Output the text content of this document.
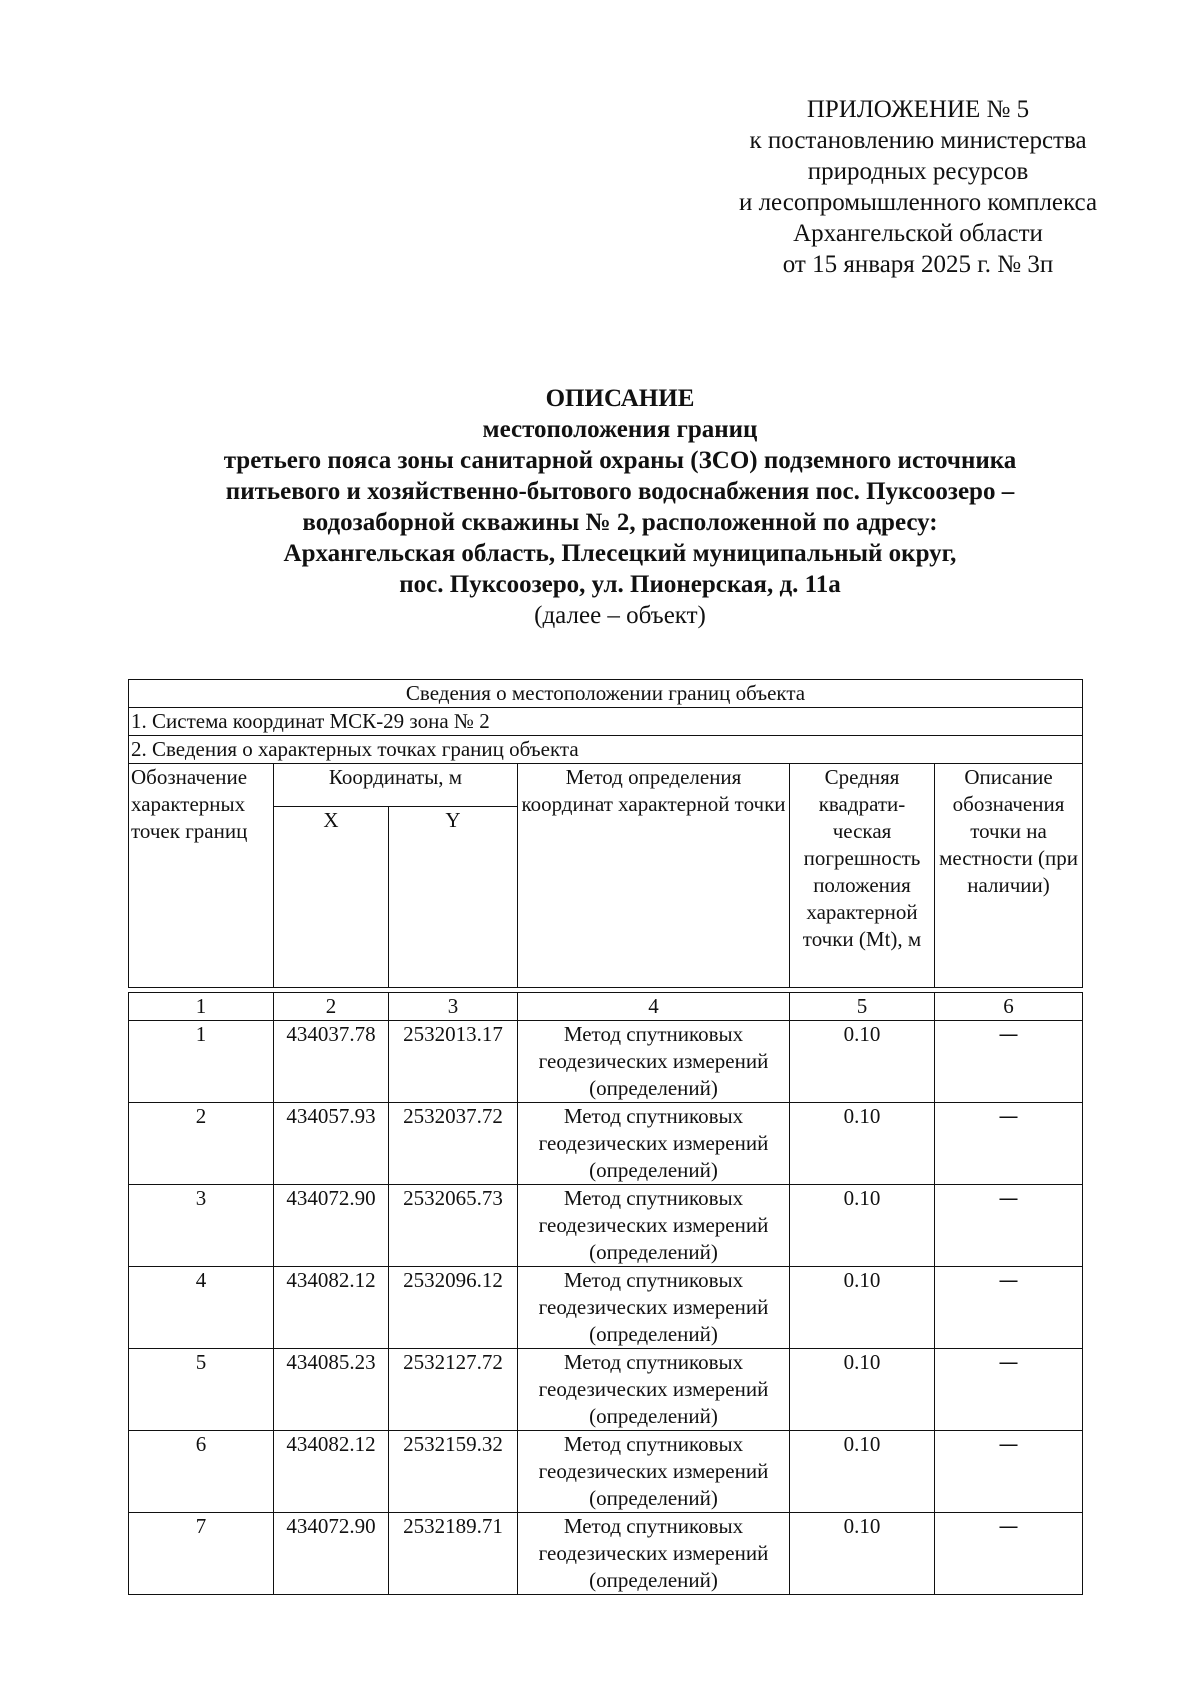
ПРИЛОЖЕНИЕ № 5
к постановлению министерства
природных ресурсов
и лесопромышленного комплекса
Архангельской области
от 15 января 2025 г. № 3п
ОПИСАНИЕ
местоположения границ
третьего пояса зоны санитарной охраны (ЗСО) подземного источника
питьевого и хозяйственно-бытового водоснабжения пос. Пуксоозеро –
водозаборной скважины № 2, расположенной по адресу:
Архангельская область, Плесецкий муниципальный округ,
пос. Пуксоозеро, ул. Пионерская, д. 11а
(далее – объект)
Сведения о местоположении границ объекта					
1. Система координат МСК-29 зона № 2					
2. Сведения о характерных точках границ объекта					
Обозначение характерных точек границ	Координаты, м		Метод определения координат характерной точки	Средняя квадрати-ческая погрешность положения характерной точки (Mt), м	Описание обозначения точки на местности (при наличии)
	X	Y			

1	2	3	4	5	6
1	434037.78	2532013.17	Метод спутниковых геодезических измерений (определений)	0.10	—
2	434057.93	2532037.72	Метод спутниковых геодезических измерений (определений)	0.10	—
3	434072.90	2532065.73	Метод спутниковых геодезических измерений (определений)	0.10	—
4	434082.12	2532096.12	Метод спутниковых геодезических измерений (определений)	0.10	—
5	434085.23	2532127.72	Метод спутниковых геодезических измерений (определений)	0.10	—
6	434082.12	2532159.32	Метод спутниковых геодезических измерений (определений)	0.10	—
7	434072.90	2532189.71	Метод спутниковых геодезических измерений (определений)	0.10	—
